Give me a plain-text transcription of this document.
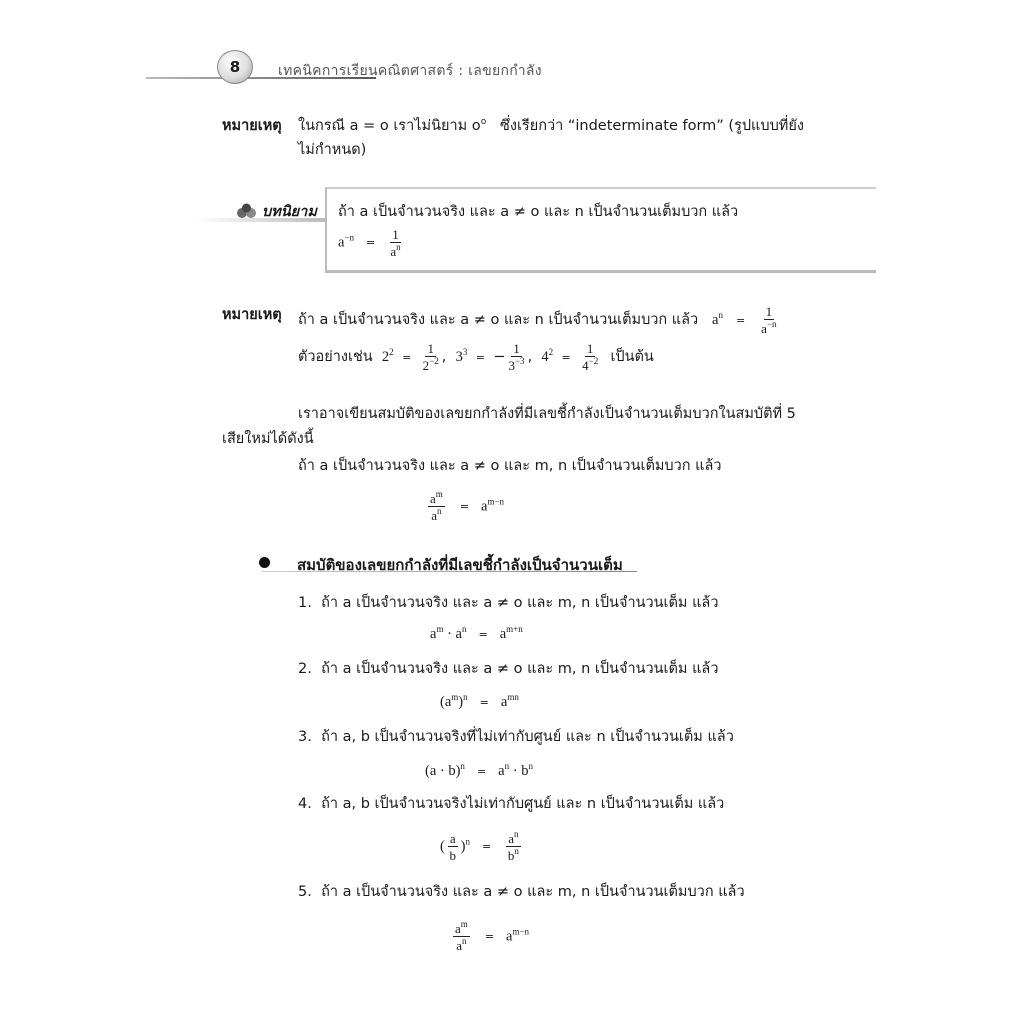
8	เทคนิคการเรียนคณิตศาสตร์ : เลขยกกำลัง
หมายเหตุ ในกรณี a = o เราไม่นิยาม $o^o$ ซึ่งเรียกว่า “indeterminate form” (รูปแบบที่ยัง
ไม่กำหนด)
บทนิยาม ถ้า a เป็นจำนวนจริง และ a ≠ o และ n เป็นจำนวนเต็มบวก แล้ว
$a^{-n} = \frac{1}{a^n}$
หมายเหตุ ถ้า a เป็นจำนวนจริง และ a ≠ o และ n เป็นจำนวนเต็มบวก แล้ว $a^n = \frac{1}{a^{-n}}$
ตัวอย่างเช่น $2^2 = \frac{1}{2^{-2}}$ ,  $3^3$ = − $\frac{1}{3^{-3}}$ ,  $4^2 = \frac{1}{4^{-2}}$ เป็นต้น
เราอาจเขียนสมบัติของเลขยกกำลังที่มีเลขชี้กำลังเป็นจำนวนเต็มบวกในสมบัติที่ 5
เสียใหม่ได้ดังนี้
ถ้า a เป็นจำนวนจริง และ a ≠ o และ m, n เป็นจำนวนเต็มบวก แล้ว
$\frac{a^m}{a^n} = a^{m-n}$
สมบัติของเลขยกกำลังที่มีเลขชี้กำลังเป็นจำนวนเต็ม
1. ถ้า a เป็นจำนวนจริง และ a ≠ o และ m, n เป็นจำนวนเต็ม แล้ว
$a^m \cdot a^n = a^{m+n}$
2. ถ้า a เป็นจำนวนจริง และ a ≠ o และ m, n เป็นจำนวนเต็ม แล้ว
$(a^m)^n = a^{mn}$
3. ถ้า a, b เป็นจำนวนจริงที่ไม่เท่ากับศูนย์ และ n เป็นจำนวนเต็ม แล้ว
$(a \cdot b)^n = a^n \cdot b^n$
4. ถ้า a, b เป็นจำนวนจริงไม่เท่ากับศูนย์ และ n เป็นจำนวนเต็ม แล้ว
( $\frac{a}{b} )^n = \frac{a^n}{b^n}$
5. ถ้า a เป็นจำนวนจริง และ a ≠ o และ m, n เป็นจำนวนเต็มบวก แล้ว
$\frac{a^m}{a^n} = a^{m-n}$
